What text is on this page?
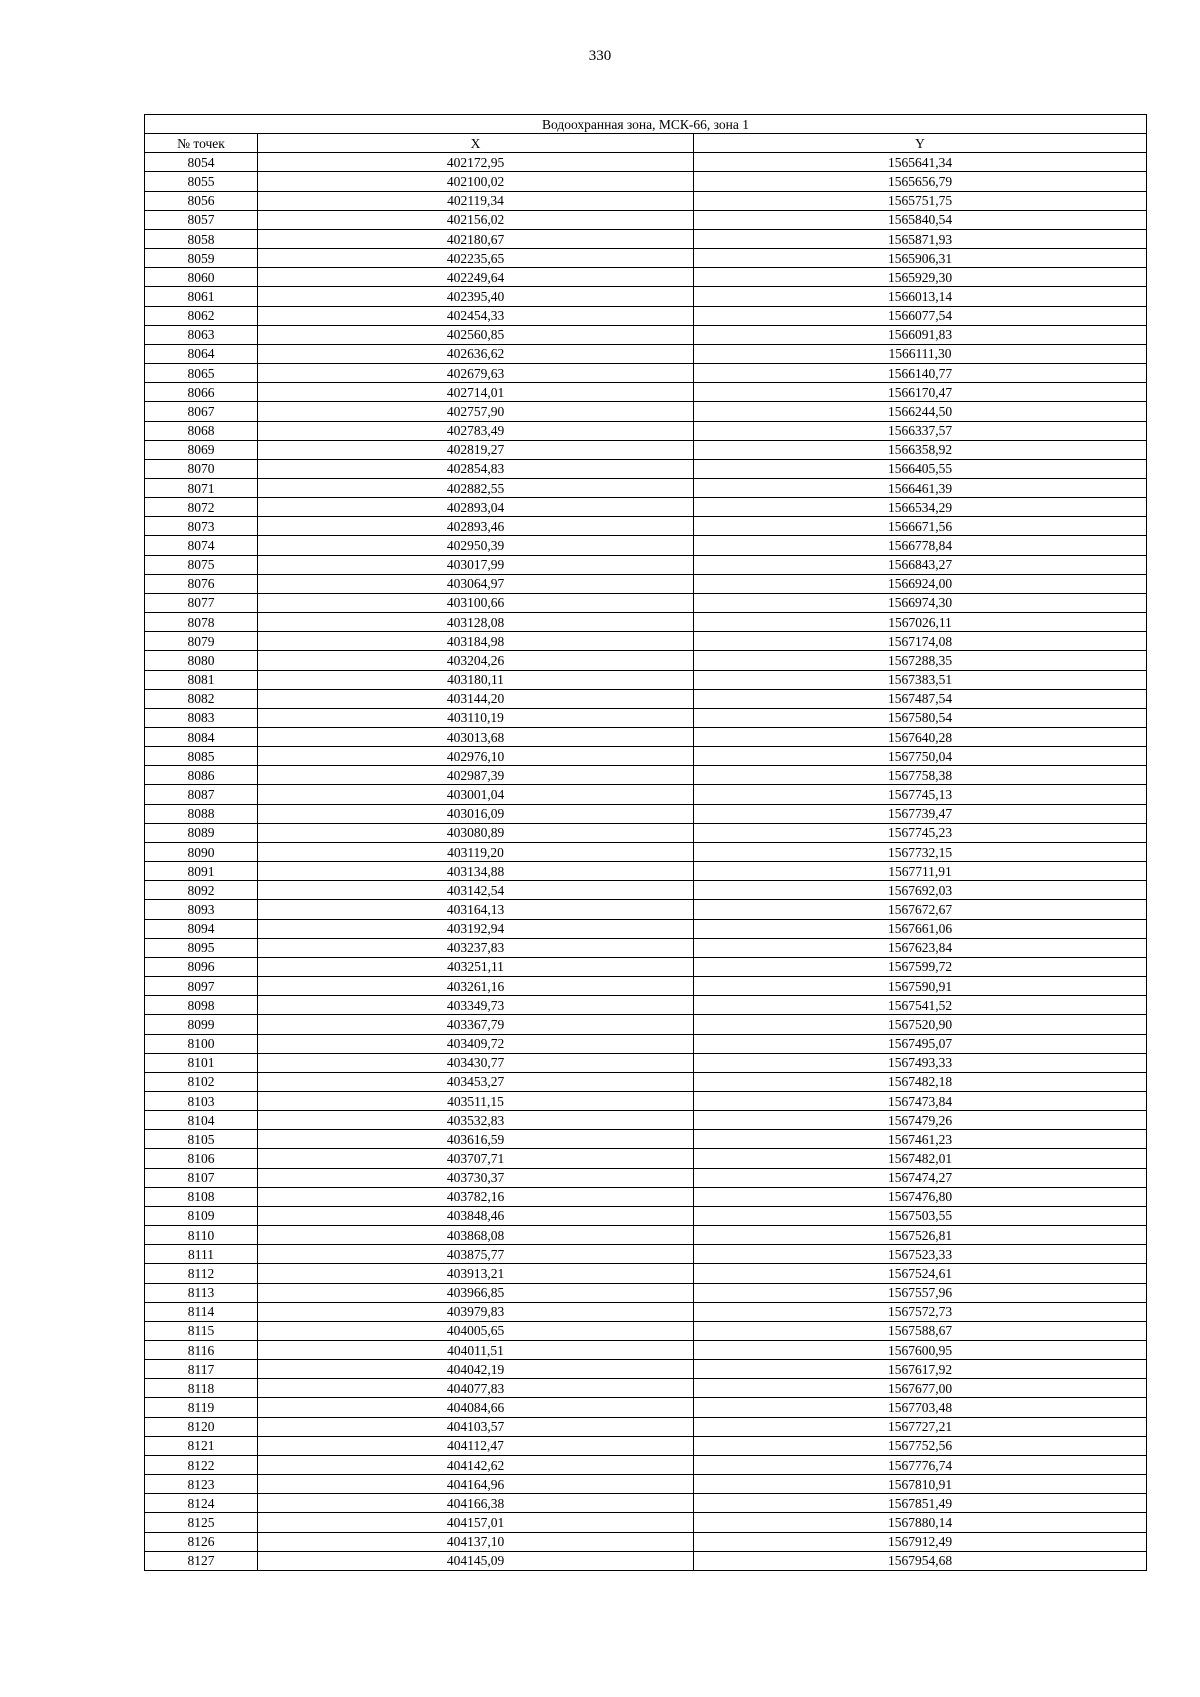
330
Водоохранная зона, МСК-66, зона 1		
№ точек	X	Y
8054	402172,95	1565641,34
8055	402100,02	1565656,79
8056	402119,34	1565751,75
8057	402156,02	1565840,54
8058	402180,67	1565871,93
8059	402235,65	1565906,31
8060	402249,64	1565929,30
8061	402395,40	1566013,14
8062	402454,33	1566077,54
8063	402560,85	1566091,83
8064	402636,62	1566111,30
8065	402679,63	1566140,77
8066	402714,01	1566170,47
8067	402757,90	1566244,50
8068	402783,49	1566337,57
8069	402819,27	1566358,92
8070	402854,83	1566405,55
8071	402882,55	1566461,39
8072	402893,04	1566534,29
8073	402893,46	1566671,56
8074	402950,39	1566778,84
8075	403017,99	1566843,27
8076	403064,97	1566924,00
8077	403100,66	1566974,30
8078	403128,08	1567026,11
8079	403184,98	1567174,08
8080	403204,26	1567288,35
8081	403180,11	1567383,51
8082	403144,20	1567487,54
8083	403110,19	1567580,54
8084	403013,68	1567640,28
8085	402976,10	1567750,04
8086	402987,39	1567758,38
8087	403001,04	1567745,13
8088	403016,09	1567739,47
8089	403080,89	1567745,23
8090	403119,20	1567732,15
8091	403134,88	1567711,91
8092	403142,54	1567692,03
8093	403164,13	1567672,67
8094	403192,94	1567661,06
8095	403237,83	1567623,84
8096	403251,11	1567599,72
8097	403261,16	1567590,91
8098	403349,73	1567541,52
8099	403367,79	1567520,90
8100	403409,72	1567495,07
8101	403430,77	1567493,33
8102	403453,27	1567482,18
8103	403511,15	1567473,84
8104	403532,83	1567479,26
8105	403616,59	1567461,23
8106	403707,71	1567482,01
8107	403730,37	1567474,27
8108	403782,16	1567476,80
8109	403848,46	1567503,55
8110	403868,08	1567526,81
8111	403875,77	1567523,33
8112	403913,21	1567524,61
8113	403966,85	1567557,96
8114	403979,83	1567572,73
8115	404005,65	1567588,67
8116	404011,51	1567600,95
8117	404042,19	1567617,92
8118	404077,83	1567677,00
8119	404084,66	1567703,48
8120	404103,57	1567727,21
8121	404112,47	1567752,56
8122	404142,62	1567776,74
8123	404164,96	1567810,91
8124	404166,38	1567851,49
8125	404157,01	1567880,14
8126	404137,10	1567912,49
8127	404145,09	1567954,68
